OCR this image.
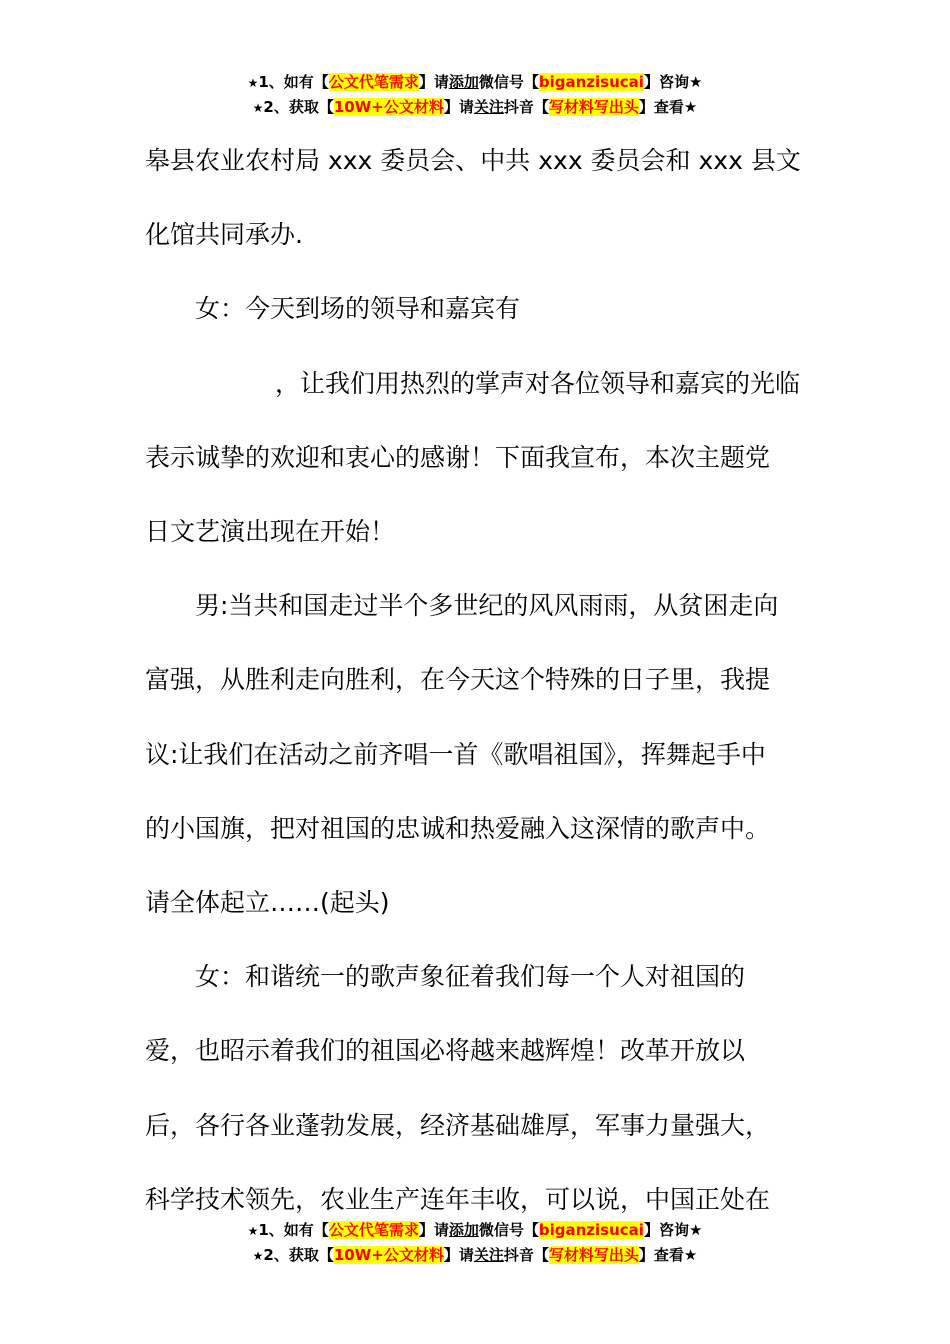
★1、如有【公文代笔需求】请添加微信号【biganzisucai】咨询★
★2、获取【10W+公文材料】请关注抖音【写材料写出头】查看★

皋县农业农村局 xxx 委员会、中共 xxx 委员会和 xxx 县文

化馆共同承办.

女：今天到场的领导和嘉宾有

，让我们用热烈的掌声对各位领导和嘉宾的光临

表示诚挚的欢迎和衷心的感谢！下面我宣布，本次主题党

日文艺演出现在开始！

男:当共和国走过半个多世纪的风风雨雨，从贫困走向

富强，从胜利走向胜利，在今天这个特殊的日子里，我提

议:让我们在活动之前齐唱一首《歌唱祖国》，挥舞起手中

的小国旗，把对祖国的忠诚和热爱融入这深情的歌声中。

请全体起立……(起头)

女：和谐统一的歌声象征着我们每一个人对祖国的

爱，也昭示着我们的祖国必将越来越辉煌！改革开放以

后，各行各业蓬勃发展，经济基础雄厚，军事力量强大，

科学技术领先，农业生产连年丰收，可以说，中国正处在

★1、如有【公文代笔需求】请添加微信号【biganzisucai】咨询★
★2、获取【10W+公文材料】请关注抖音【写材料写出头】查看★
